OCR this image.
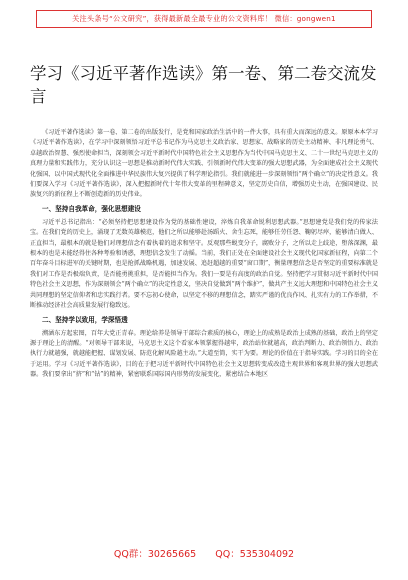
关注头条号“公文研究”，获得最新最全最专业的公文资料库！ 微信：gongwen1
学习《习近平著作选读》第一卷、第二卷交流发言

《习近平著作选读》第一卷、第二卷的出版发行，是党和国家政治生活中的一件大事，具有重大而深远的意义。原原本本学习《习近平著作选读》，在学习中深刻领悟习近平总书记作为马克思主义政治家、思想家、战略家的历史主动精神、非凡理论勇气、卓越政治智慧、强烈使命担当，深刻领会习近平新时代中国特色社会主义思想作为当代中国马克思主义、二十一世纪马克思主义的真理力量和实践伟力，充分认识这一思想是推动新时代伟大实践、引领新时代伟大变革的强大思想武器，为全面建成社会主义现代化强国、以中国式现代化全面推进中华民族伟大复兴提供了科学理论指引。我们就能进一步深刻领悟“两个确立”的决定性意义。我们要深入学习《习近平著作选读》，深入把握新时代十年伟大变革的里程碑意义，坚定历史自信，增强历史主动，在强国建设、民族复兴的新征程上不断创造新的历史伟业。

一、坚持自我革命，强化思想建设

习近平总书记指出：“必须坚持把思想建设作为党的基础性建设，淬炼自我革命锐利思想武器。”思想建党是我们党的传家法宝。在我们党的历史上，涌现了无数英雄模范，他们之所以能够赴汤蹈火、舍生忘死，能够任劳任怨、鞠躬尽瘁，能够清白做人、正直担当，最根本的就是他们对理想信念有着执着的追求和坚守。反观那些蜕变分子，腐败分子，之所以走上歧途，堕落深渊，最根本的也是未能经得住各种考验和诱惑，理想信念发生了动摇。当前，我们正处在全面建设社会主义现代化国家新征程，向第二个百年奋斗目标进军的关键时期，也是抢抓战略机遇，加速发展、追赶超越的重要“窗口期”，衡量理想信念是否坚定的重要标准就是我们对工作是否极端负责，是否能勇挑重担，是否能担当作为。我们一要是有高度的政治自觉。坚持把学习贯彻习近平新时代中国特色社会主义思想，作为深刻领会“两个确立”的决定性意义，坚决自觉做到“两个维护”，做共产主义远大理想和中国特色社会主义共同理想的坚定信仰者和忠实践行者。要不忘初心使命，以坚定不移的理想信念，踏实严谨的优良作风、扎实有力的工作举措，不断推动经济社会高质量发展行稳致远。

二、坚持学以致用，学深悟透

溯涵东方起宏图，百年大党正青春。理论给养是领导干部综合素质的核心，理论上的成熟是政治上成熟的基础，政治上的坚定源于理论上的清醒。“对领导干部来说，马克思主义这个看家本领掌握得越牢，政治站位就越高，政治判断力、政治领悟力、政治执行力就越强，就越能把握、谋划发展、防范化解风险越主动。”大道至简，实干为要。理论的价值在于指导实践。学习的目的全在于运用。学习《习近平著作选读》，目的在于把习近平新时代中国特色社会主义思想转变成改造主观世界和客观世界的强大思想武器。我们要拿出“挤”和“钻”的精神，紧密联系国际国内形势的发展变化，紧密结合本地区

QQ群：30265665 QQ：535304092
